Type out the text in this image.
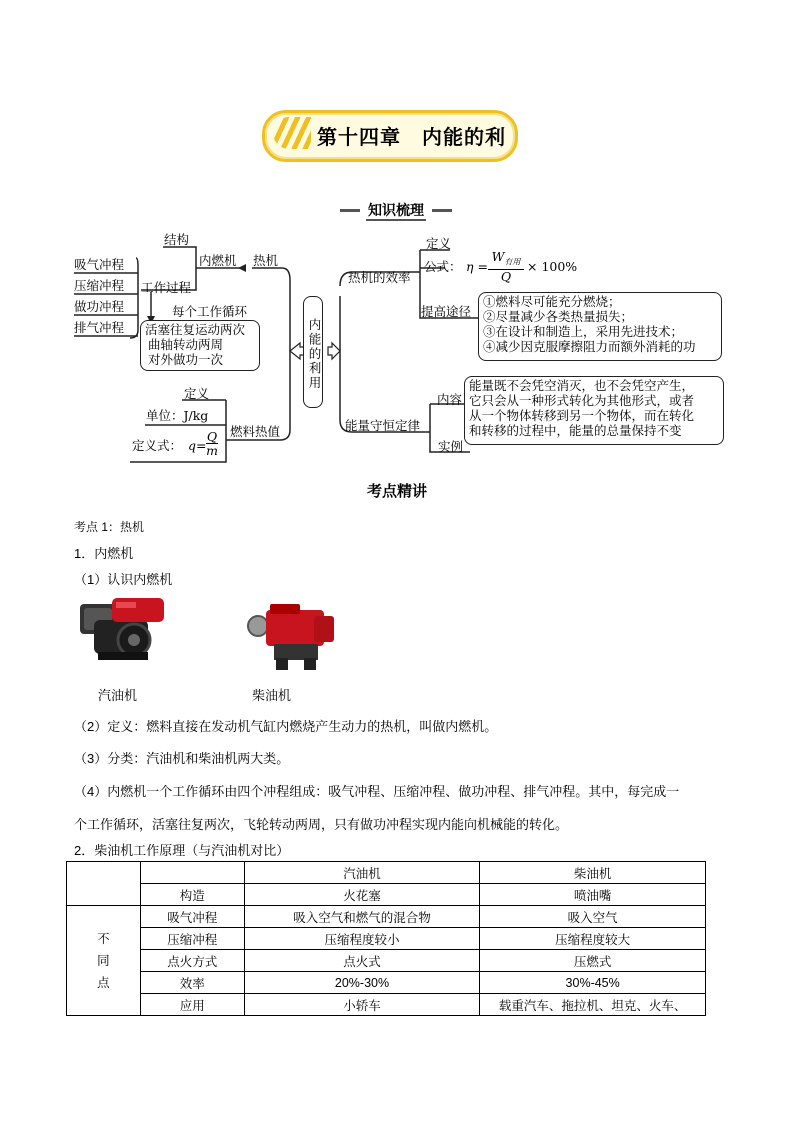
第十四章　内能的利
知识梳理
内能的利用
吸气冲程
压缩冲程
做功冲程
排气冲程
结构
工作过程
内燃机 热机
每个工作循环
活塞往复运动两次
曲轴转动两周
对外做功一次
定义
单位：J/kg
定义式： $q= \frac{Q}{m}$ 燃料热值
热机的效率
定义
公式： η =
$W_{有用}$
Q
× 100%
提高途径
①燃料尽可能充分燃烧；
②尽量减少各类热量损失；
③在设计和制造上，采用先进技术；
④减少因克服摩擦阻力而额外消耗的功
能量守恒定律
内容
实例
能量既不会凭空消灭，也不会凭空产生，
它只会从一种形式转化为其他形式，或者
从一个物体转移到另一个物体，而在转化
和转移的过程中，能量的总量保持不变
考点精讲
考点 1：热机
1．内燃机
（1）认识内燃机
汽油机	柴油机
（2）定义：燃料直接在发动机气缸内燃烧产生动力的热机，叫做内燃机。
（3）分类：汽油机和柴油机两大类。
（4）内燃机一个工作循环由四个冲程组成：吸气冲程、压缩冲程、做功冲程、排气冲程。其中，每完成一
个工作循环，活塞往复两次，飞轮转动两周，只有做功冲程实现内能向机械能的转化。
2．柴油机工作原理（与汽油机对比）
		汽油机	柴油机
	构造	火花塞	喷油嘴

不
同
点	吸气冲程	吸入空气和燃气的混合物	吸入空气
	压缩冲程	压缩程度较小	压缩程度较大
	点火方式	点火式	压燃式
	效率	20%-30%	30%-45%
	应用	小轿车	载重汽车、拖拉机、坦克、火车、
